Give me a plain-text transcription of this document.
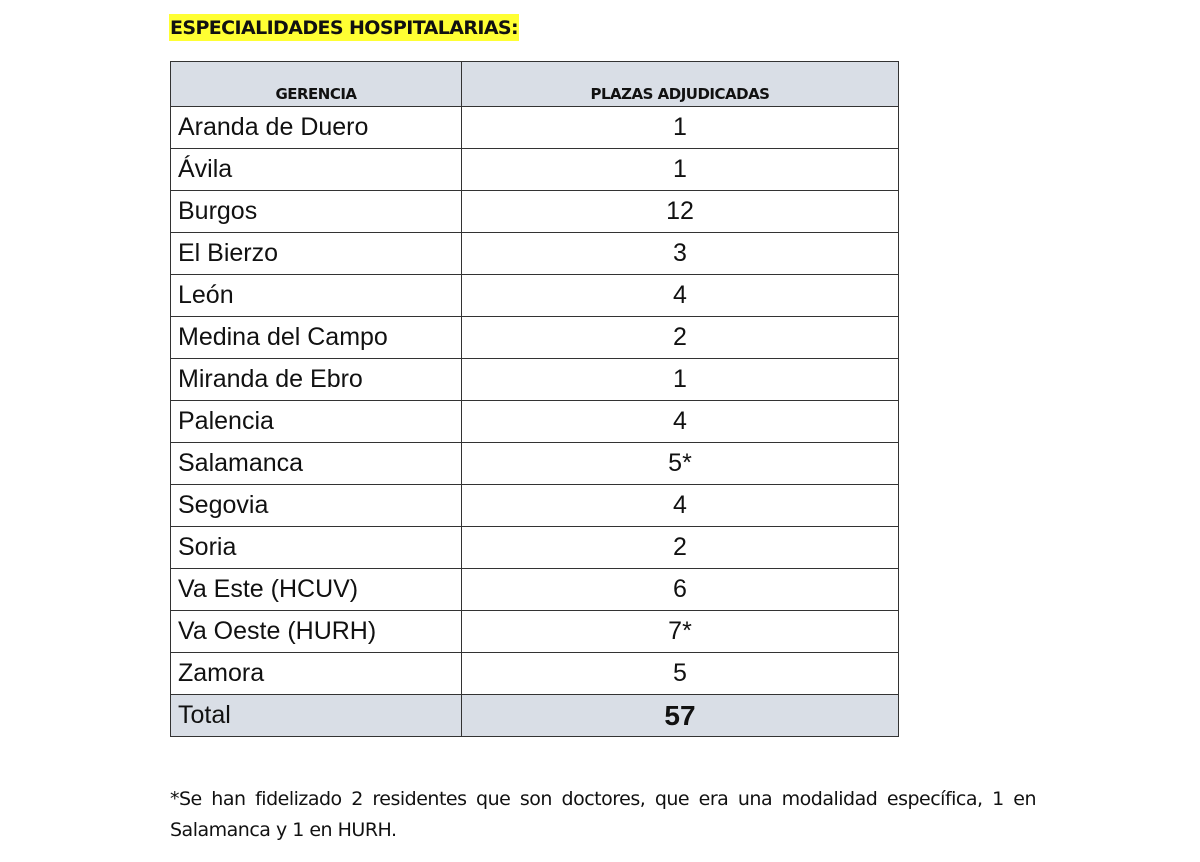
ESPECIALIDADES HOSPITALARIAS:
GERENCIA	PLAZAS ADJUDICADAS
Aranda de Duero	1
Ávila	1
Burgos	12
El Bierzo	3
León	4
Medina del Campo	2
Miranda de Ebro	1
Palencia	4
Salamanca	5*
Segovia	4
Soria	2
Va Este (HCUV)	6
Va Oeste (HURH)	7*
Zamora	5
Total	57
*Se han fidelizado 2 residentes que son doctores, que era una modalidad específica, 1 en Salamanca y 1 en HURH.
